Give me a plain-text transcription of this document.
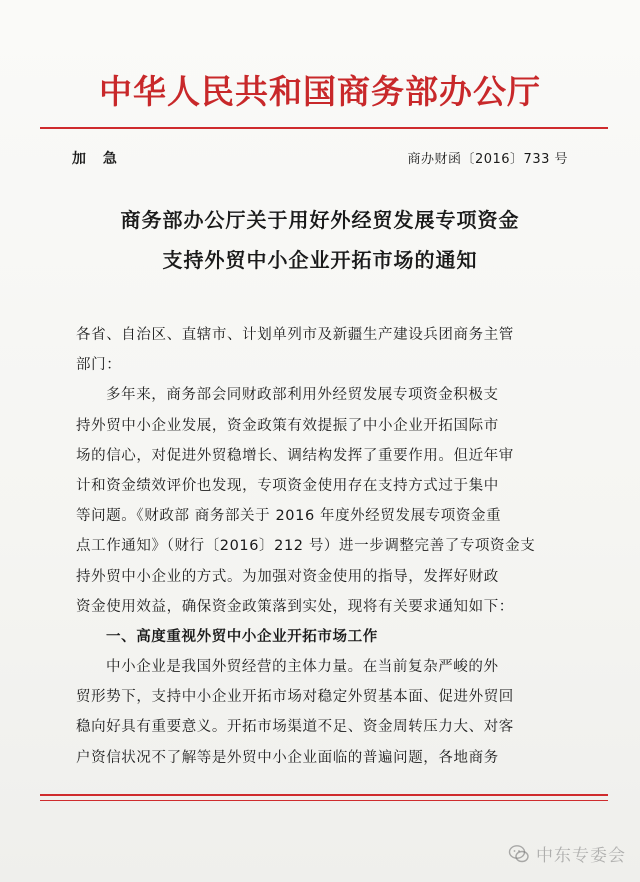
中华人民共和国商务部办公厅
加 急	商办财函〔2016〕733 号
商务部办公厅关于用好外经贸发展专项资金
支持外贸中小企业开拓市场的通知
各省、自治区、直辖市、计划单列市及新疆生产建设兵团商务主管
部门：
多年来，商务部会同财政部利用外经贸发展专项资金积极支
持外贸中小企业发展，资金政策有效提振了中小企业开拓国际市
场的信心，对促进外贸稳增长、调结构发挥了重要作用。但近年审
计和资金绩效评价也发现，专项资金使用存在支持方式过于集中
等问题。《财政部 商务部关于 2016 年度外经贸发展专项资金重
点工作通知》（财行〔2016〕212 号）进一步调整完善了专项资金支
持外贸中小企业的方式。为加强对资金使用的指导，发挥好财政
资金使用效益，确保资金政策落到实处，现将有关要求通知如下：
一、高度重视外贸中小企业开拓市场工作
中小企业是我国外贸经营的主体力量。在当前复杂严峻的外
贸形势下，支持中小企业开拓市场对稳定外贸基本面、促进外贸回
稳向好具有重要意义。开拓市场渠道不足、资金周转压力大、对客
户资信状况不了解等是外贸中小企业面临的普遍问题，各地商务
中东专委会
